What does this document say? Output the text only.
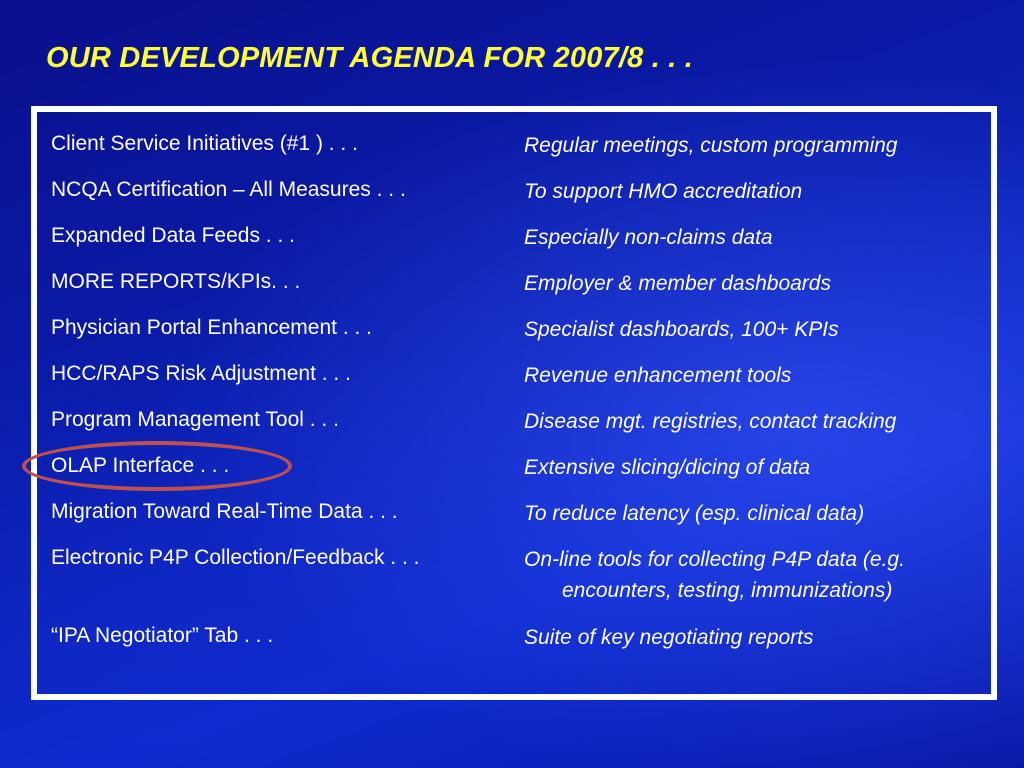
OUR DEVELOPMENT AGENDA FOR 2007/8 . . .
Client Service Initiatives (#1 ) . . .	Regular meetings, custom programming
NCQA Certification – All Measures . . .	To support HMO accreditation
Expanded Data Feeds . . .	Especially non-claims data
MORE REPORTS/KPIs. . .	Employer & member dashboards
Physician Portal Enhancement . . .	Specialist dashboards, 100+ KPIs
HCC/RAPS Risk Adjustment . . .	Revenue enhancement tools
Program Management Tool . . .	Disease mgt. registries, contact tracking
OLAP Interface . . .	Extensive slicing/dicing of data
Migration Toward Real-Time Data . . .	To reduce latency (esp. clinical data)
Electronic P4P Collection/Feedback . . .	On-line tools for collecting P4P data (e.g. encounters, testing, immunizations)
“IPA Negotiator” Tab . . .	Suite of key negotiating reports
